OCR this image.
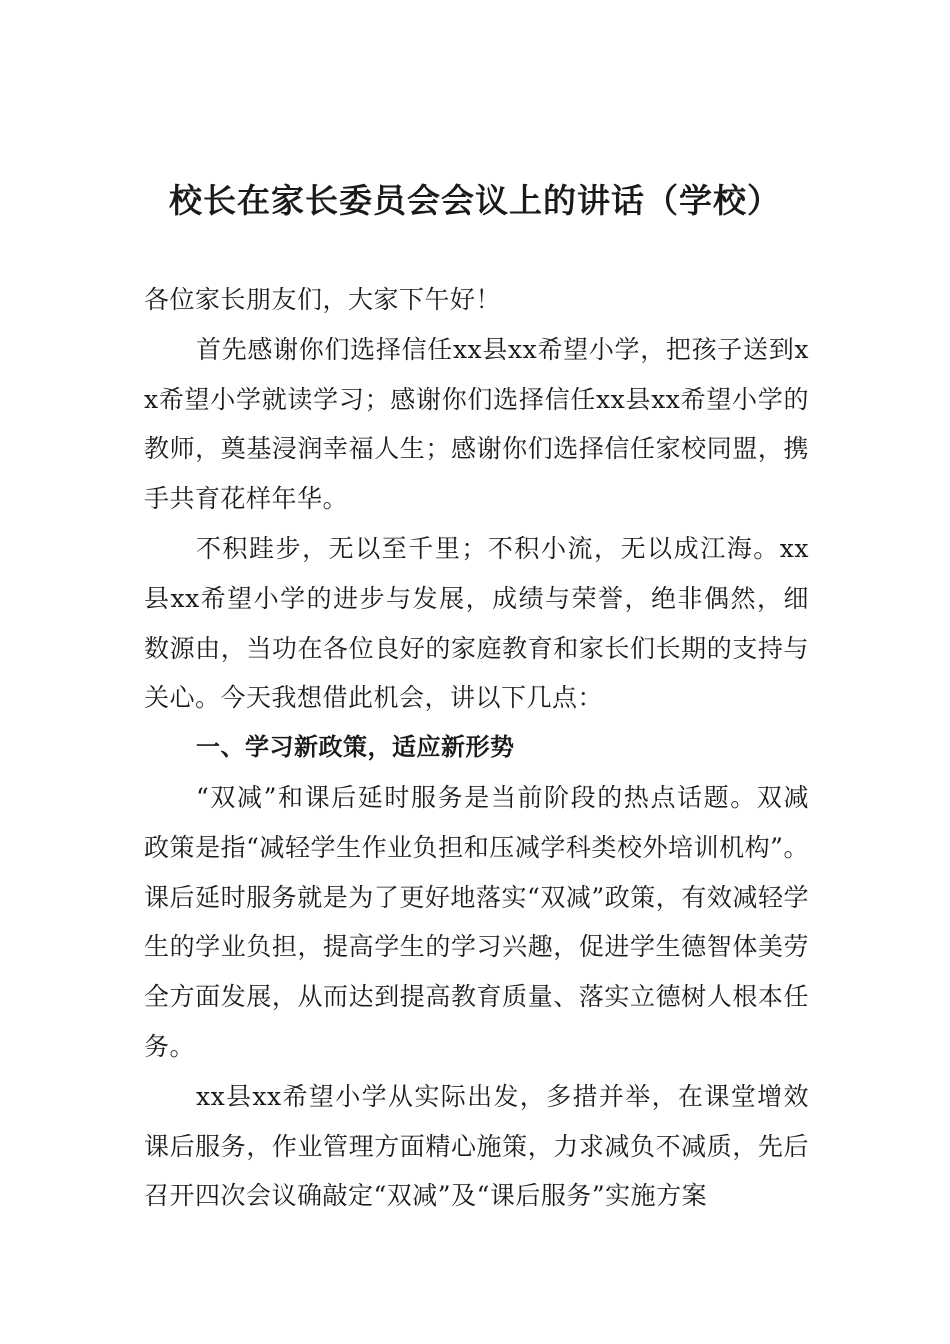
校长在家长委员会会议上的讲话（学校）

各位家长朋友们，大家下午好！

首先感谢你们选择信任xx县xx希望小学，把孩子送到xx希望小学就读学习；感谢你们选择信任xx县xx希望小学的教师，奠基浸润幸福人生；感谢你们选择信任家校同盟，携手共育花样年华。

不积跬步，无以至千里；不积小流，无以成江海。xx县xx希望小学的进步与发展，成绩与荣誉，绝非偶然，细数源由，当功在各位良好的家庭教育和家长们长期的支持与关心。今天我想借此机会，讲以下几点：

一、学习新政策，适应新形势

“双减”和课后延时服务是当前阶段的热点话题。双减政策是指“减轻学生作业负担和压减学科类校外培训机构”。课后延时服务就是为了更好地落实“双减”政策，有效减轻学生的学业负担，提高学生的学习兴趣，促进学生德智体美劳全方面发展，从而达到提高教育质量、落实立德树人根本任务。

xx县xx希望小学从实际出发，多措并举，在课堂增效课后服务，作业管理方面精心施策，力求减负不减质，先后召开四次会议确敲定“双减”及“课后服务”实施方案
